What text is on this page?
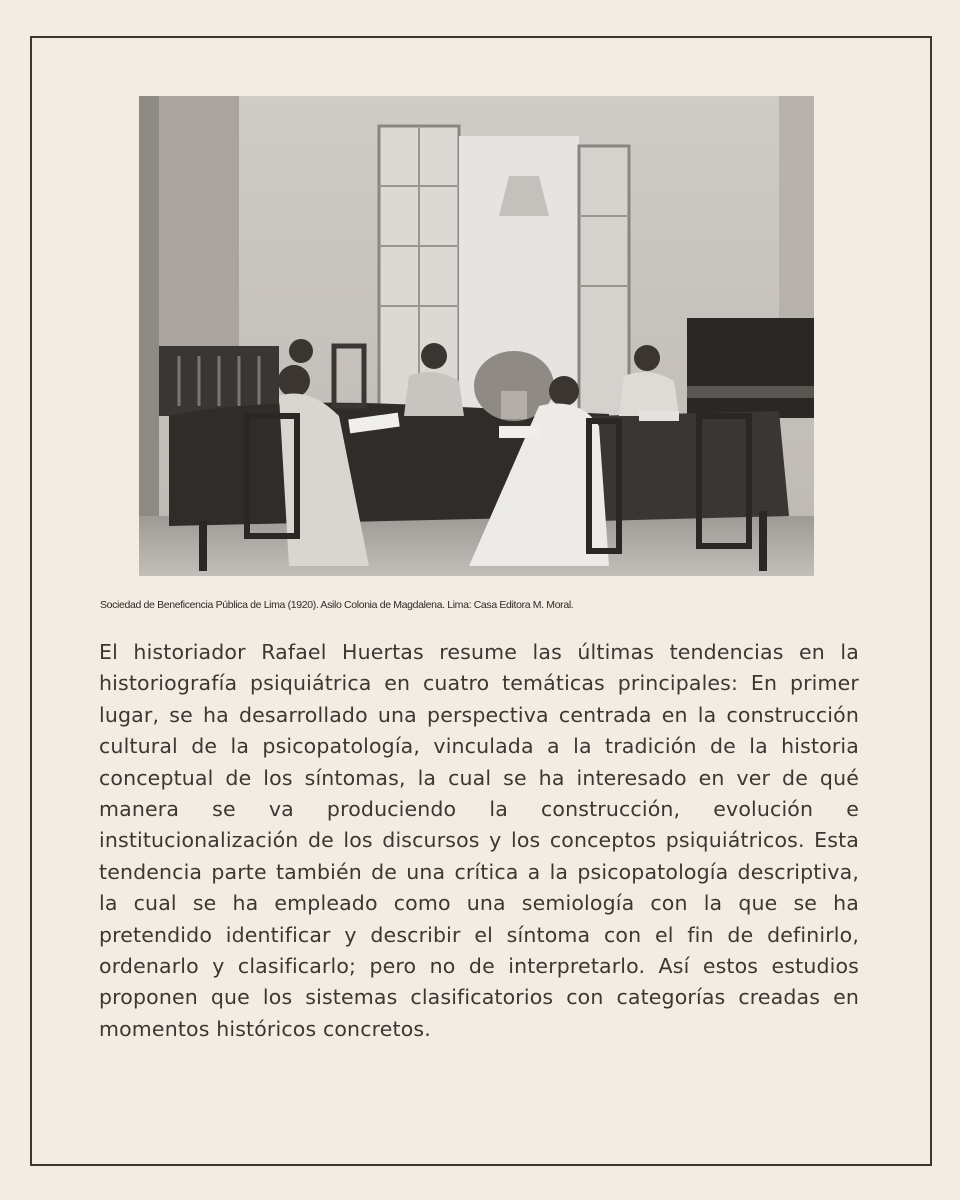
Sociedad de Beneficencia Pública de Lima (1920). Asilo Colonia de Magdalena. Lima: Casa Editora M. Moral.
El historiador Rafael Huertas resume las últimas tendencias en la historiografía psiquiátrica en cuatro temáticas principales: En primer lugar, se ha desarrollado una perspectiva centrada en la construcción cultural de la psicopatología, vinculada a la tradición de la historia conceptual de los síntomas, la cual se ha interesado en ver de qué manera se va produciendo la construcción, evolución e institucionalización de los discursos y los conceptos psiquiátricos. Esta tendencia parte también de una crítica a la psicopatología descriptiva, la cual se ha empleado como una semiología con la que se ha pretendido identificar y describir el síntoma con el fin de definirlo, ordenarlo y clasificarlo; pero no de interpretarlo. Así estos estudios proponen que los sistemas clasificatorios con categorías creadas en momentos históricos concretos.
